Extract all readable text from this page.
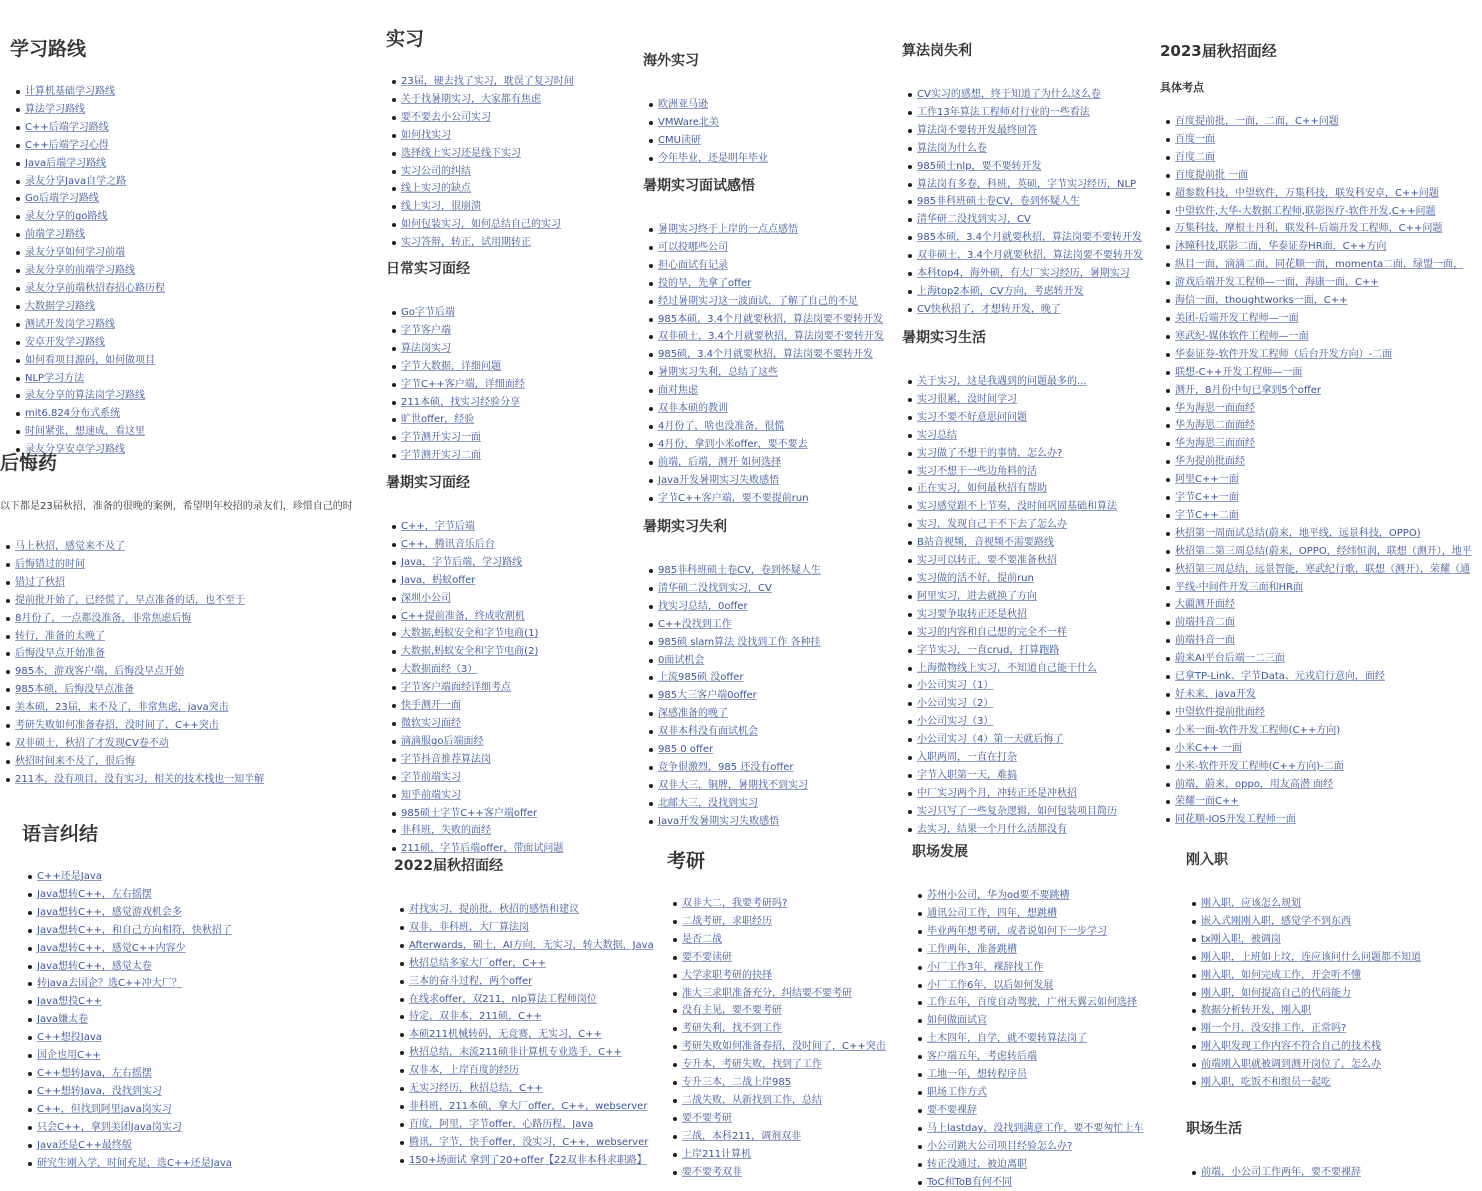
学习路线
计算机基础学习路线
算法学习路线
C++后端学习路线
C++后端学习心得
Java后端学习路线
录友分享Java自学之路
Go后端学习路线
录友分享的go路线
前端学习路线
录友分享如何学习前端
录友分享的前端学习路线
录友分享前端秋招春招心路历程
大数据学习路线
测试开发岗学习路线
安卓开发学习路线
如何看项目源码，如何做项目
NLP学习方法
录友分享的算法岗学习路线
mit6.824分布式系统
时间紧张，想速成，看这里
录友分享安卓学习路线
后悔药
以下都是23届秋招，准备的很晚的案例，希望明年校招的录友们，珍惜自己的时
马上秋招，感觉来不及了
后悔错过的时间
错过了秋招
提前批开始了，已经慌了，早点准备的话，也不至于
8月份了，一点都没准备，非常焦虑后悔
转行，准备的太晚了
后悔没早点开始准备
985本，游戏客户端，后悔没早点开始
985本硕，后悔没早点准备
美本硕，23届，来不及了，非常焦虑，java突击
考研失败如何准备春招，没时间了，C++突击
双非硕士，秋招了才发现CV卷不动
秋招时间来不及了，很后悔
211本，没有项目，没有实习，相关的技术栈也一知半解
语言纠结
C++还是Java
Java想转C++，左右摇摆
Java想转C++，感觉游戏机会多
Java想转C++，和自己方向相符，快秋招了
Java想转C++，感觉C++内容少
Java想转C++，感觉太卷
转java去国企？选C++冲大厂？
Java想投C++
Java嫌太卷
C++想投Java
国企也用C++
C++想转Java，左右摇摆
C++想转Java，没找到实习
C++，但找到阿里java岗实习
只会C++，拿到美团Java岗实习
Java还是C++最终版
研究生刚入学，时间充足，选C++还是Java
实习
23届，硬去找了实习，耽误了复习时间
关于找暑期实习，大家都有焦虑
要不要去小公司实习
如何找实习
选择线上实习还是线下实习
实习公司的纠结
线上实习的缺点
线上实习，很崩溃
如何包装实习，如何总结自己的实习
实习答辩，转正，试用期转正
日常实习面经
Go字节后端
字节客户端
算法岗实习
字节大数据，详细问题
字节C++客户端，详细面经
211本硕，找实习经验分享
旷世offer，经验
字节测开实习一面
字节测开实习二面
暑期实习面经
C++，字节后端
C++，腾讯音乐后台
Java，字节后端，学习路线
Java，蚂蚁offer
深圳小公司
C++提前准备，终成收割机
大数据,蚂蚁安全和字节电商(1)
大数据,蚂蚁安全和字节电商(2)
大数据面经（3）
字节客户端面经详细考点
快手测开一面
微软实习面经
滴滴服go后端面经
字节抖音推荐算法岗
字节前端实习
知乎前端实习
985硕士字节C++客户端offer
非科班，失败的面经
211硕，字节后端offer，带面试问题
2022届秋招面经
对找实习，提前批，秋招的感悟和建议
双非，非科班，大厂算法岗
Afterwards，硕士，AI方向，无实习，转大数据，Java
秋招总结多家大厂offer，C++
三本的奋斗过程，两个offer
在线求offer，双211，nlp算法工程师岗位
待定，双非本，211硕，C++
本硕211机械转码，无竞赛，无实习，C++
秋招总结，末流211硕非计算机专业选手，C++
双非本，上岸百度的经历
无实习经历，秋招总结，C++
非科班，211本硕，拿大厂offer，C++，webserver
百度，阿里，字节offer，心路历程，Java
腾讯，字节，快手offer，没实习，C++，webserver
150+场面试 拿到了20+offer【22双非本科求职路】
海外实习
欧洲亚马逊
VMWare北美
CMU读研
今年毕业，还是明年毕业
暑期实习面试感悟
暑期实习终于上岸的一点点感悟
可以投哪些公司
担心面试有记录
投的早，先拿了offer
经过暑期实习这一波面试，了解了自己的不足
985本硕，3.4个月就要秋招，算法岗要不要转开发
双非硕士，3.4个月就要秋招，算法岗要不要转开发
985硕，3.4个月就要秋招，算法岗要不要转开发
暑期实习失利，总结了这些
面对焦虑
双非本硕的教训
4月份了，啥也没准备，很慌
4月份，拿到小米offer，要不要去
前端，后端，测开 如何选择
Java开发暑期实习失败感悟
字节C++客户端，要不要提前run
暑期实习失利
985非科班硕士卷CV，卷到怀疑人生
清华硕二没找到实习，CV
找实习总结，0offer
C++没找到工作
985硕 slam算法 没找到工作 各种挂
0面试机会
上流985硕 没offer
985大三客户端0offer
深感准备的晚了
双非本科没有面试机会
985 0 offer
竞争很激烈，985 还没有offer
双非大三，铜牌，暑期找不到实习
北邮大三，没找到实习
Java开发暑期实习失败感悟
考研
双非大二，我要考研吗?
二战考研，求职经历
是否二战
要不要读研
大学求职考研的抉择
准大三求职准备充分，纠结要不要考研
没有主见，要不要考研
考研失利，找不到工作
考研失败如何准备春招，没时间了，C++突击
专升本，考研失败，找到了工作
专升三本，二战上岸985
二战失败，从新找到工作，总结
要不要考研
三战，本科211，调剂双非
上岸211计算机
要不要考双非
算法岗失利
CV实习的感想，终于知道了为什么这么卷
工作13年算法工程师对行业的一些看法
算法岗不要转开发最终回答
算法岗为什么卷
985硕士nlp，要不要转开发
算法岗有多卷，科班，英硕，字节实习经历，NLP
985非科班硕士卷CV，卷到怀疑人生
清华研二没找到实习，CV
985本硕，3.4个月就要秋招，算法岗要不要转开发
双非硕士，3.4个月就要秋招，算法岗要不要转开发
本科top4，海外硕，有大厂实习经历，暑期实习
上海top2本硕，CV方向，考虑转开发
CV快秋招了，才想转开发，晚了
暑期实习生活
关于实习，这是我遇到的问题最多的...
实习很累，没时间学习
实习不要不好意思问问题
实习总结
实习做了不想干的事情，怎么办?
实习不想干一些边角料的活
正在实习，如何最秋招有帮助
实习感觉跟不上节奏，没时间巩固基础和算法
实习，发现自己干不下去了怎么办
B站音视频，音视频不需要路线
实习可以转正，要不要准备秋招
实习做的活不好，提前run
阿里实习，进去就换了方向
实习要争取转正还是秋招
实习的内容和自己想的完全不一样
字节实习，一直crud，打算跑路
上海微物线上实习，不知道自己能干什么
小公司实习（1）
小公司实习（2）
小公司实习（3）
小公司实习（4）第一天就后悔了
入职两周，一直在打杂
字节入职第一天，难搞
中厂实习两个月，冲转正还是冲秋招
实习只写了一些复杂逻辑，如何包装项目简历
去实习，结果一个月什么活都没有
职场发展
苏州小公司，华为od要不要跳槽
通讯公司工作，四年，想跳槽
毕业两年想考研，或者说如何下一步学习
工作两年，准备跳槽
小厂工作3年，裸辞找工作
小厂工作6年，以后如何发展
工作五年，百度自动驾驶，广州天翼云如何选择
如何做面试官
土木四年，自学，就不要转算法岗了
客户端五年，考虑转后端
工地一年，想转程序员
职场工作方式
要不要裸辞
马上lastday，没找到满意工作，要不要匆忙上车
小公司跳大公司项目经验怎么办?
转正没通过，被迫离职
ToC和ToB有何不同
2023届秋招面经
具体考点
百度提前批，一面，二面，C++问题
百度一面
百度二面
百度提前批 一面
超参数科技，中望软件，万集科技，联发科安卓，C++问题
中望软件,大华-大数据工程师,联影医疗-软件开发,C++问题
万集科技，摩根士丹利，联发科-后端开发工程师，C++问题
沐瞳科技,联影二面，华泰证券HR面，C++方向
纵目一面，滴滴二面，同花顺一面，momenta二面，绿盟一面，
游戏后端开发工程师—一面，海康一面，C++
海信一面，thoughtworks一面，C++
美团-后端开发工程师—一面
寒武纪-媒体软件工程师—一面
华泰证券-软件开发工程师（后台开发方向）-二面
联想-C++开发工程师—一面
测开，8月份中旬已拿到5个offer
华为海思一面面经
华为海思二面面经
华为海思三面面经
华为提前批面经
阿里C++一面
字节C++一面
字节C++二面
秋招第一周面试总结(蔚来，地平线，远景科技，OPPO)
秋招第二第三周总结(蔚来，OPPO，经纬恒润，联想（测开），地平
秋招第三周总结，远景智能，寒武纪行歌，联想（测开），荣耀（通
平线-中间件开发三面和HR面
大疆测开面经
前端抖音二面
前端抖音一面
蔚来AI平台后端一二三面
已拿TP-Link、字节Data、元戎启行意向，面经
好未来，java开发
中望软件提前批面经
小米一面-软件开发工程师(C++方向)
小米C++ 一面
小米-软件开发工程师(C++方向)-二面
前端，蔚来，oppo，用友高潜 面经
荣耀一面C++
同花顺-IOS开发工程师一面
刚入职
刚入职，应该怎么规划
嵌入式刚刚入职，感觉学不到东西
tx刚入职，被调岗
刚入职，上班如上坟，连应该问什么问题都不知道
刚入职，如何完成工作，开会听不懂
刚入职，如何提高自己的代码能力
数据分析转开发，刚入职
刚一个月，没安排工作，正常吗?
刚入职发现工作内容不符合自己的技术栈
前端刚入职就被调到测开岗位了，怎么办
刚入职，吃饭不和组员一起吃
职场生活
前端，小公司工作两年，要不要裸辞
